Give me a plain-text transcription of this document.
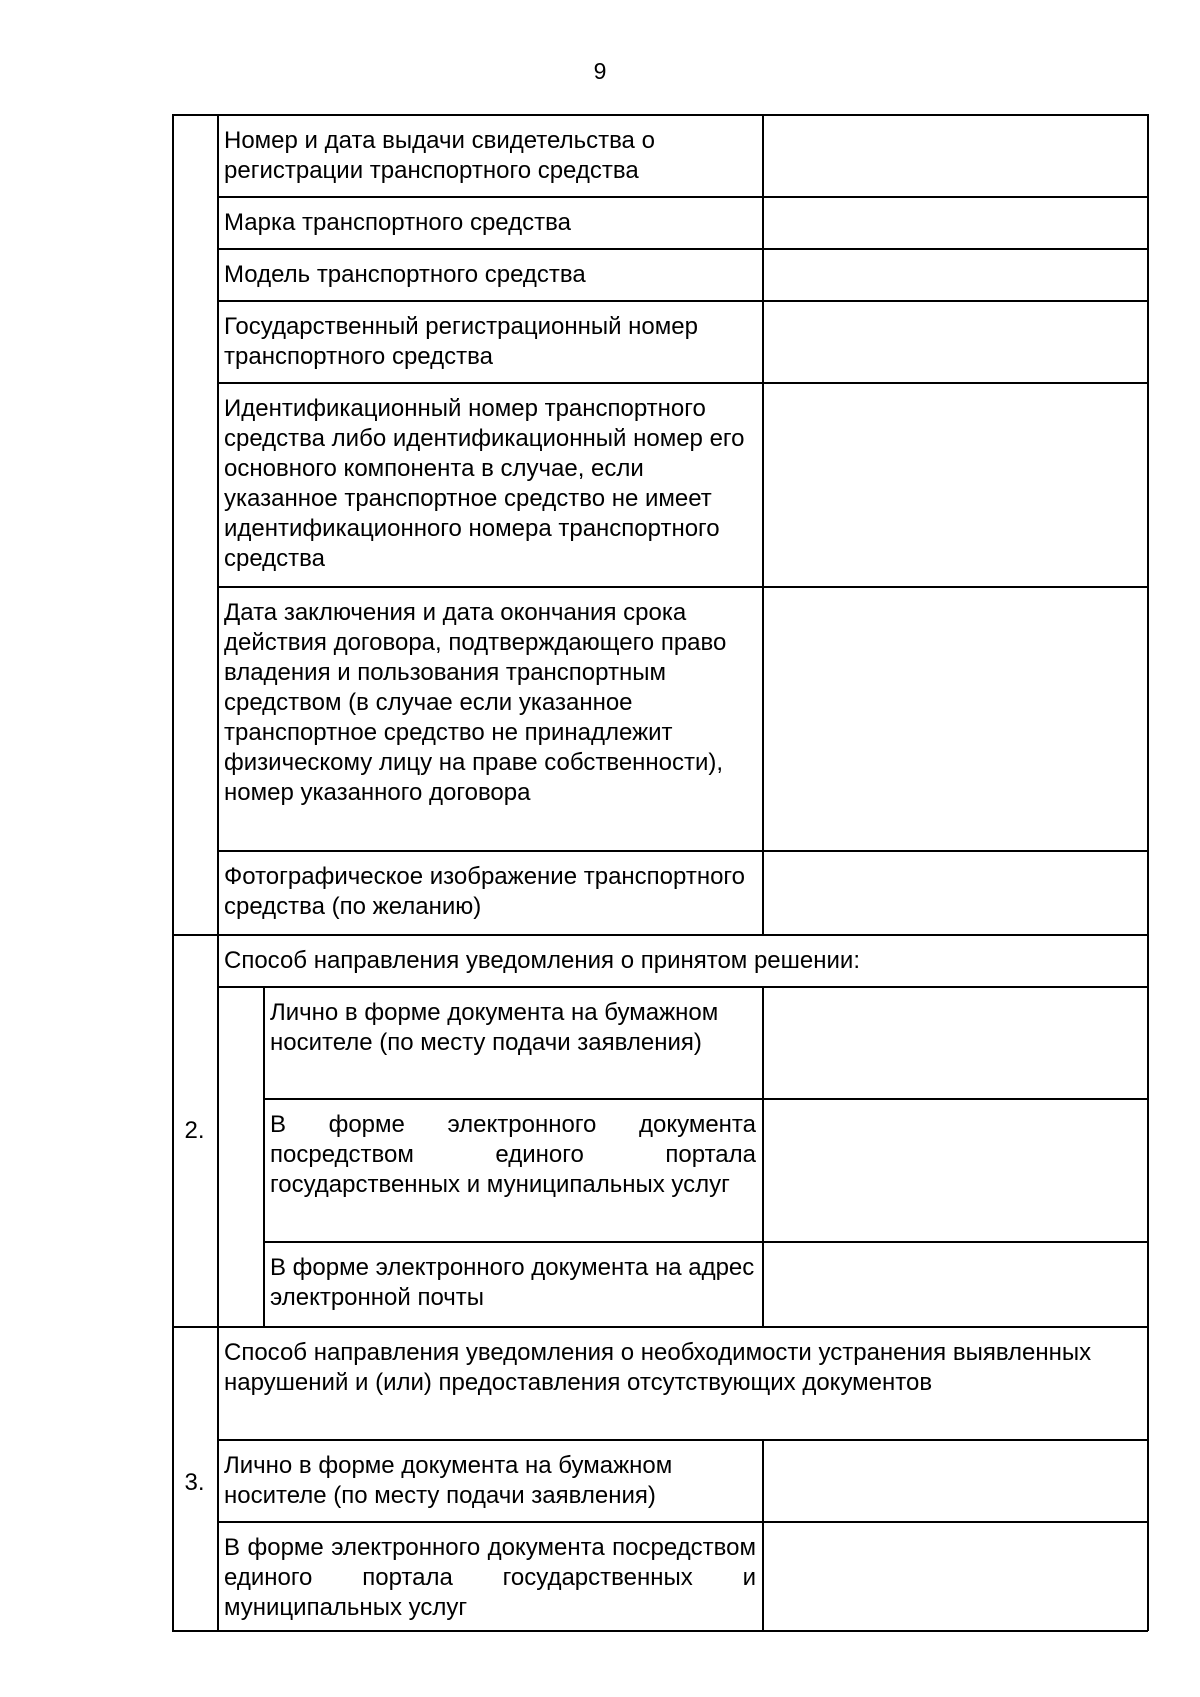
9
Номер и дата выдачи свидетельства о регистрации транспортного средства
Марка транспортного средства
Модель транспортного средства
Государственный регистрационный номер транспортного средства
Идентификационный номер транспортного средства либо идентификационный номер его основного компонента в случае, если указанное транспортное средство не имеет идентификационного номера транспортного средства
Дата заключения и дата окончания срока действия договора, подтверждающего право владения и пользования транспортным средством (в случае если указанное транспортное средство не принадлежит физическому лицу на праве собственности), номер указанного договора
Фотографическое изображение транспортного средства (по желанию)
2.
Способ направления уведомления о принятом решении:
Лично в форме документа на бумажном носителе (по месту подачи заявления)
В форме электронного документа посредством единого портала государственных и муниципальных услуг
В форме электронного документа на адрес электронной почты
3.
Способ направления уведомления о необходимости устранения выявленных нарушений и (или) предоставления отсутствующих документов
Лично в форме документа на бумажном носителе (по месту подачи заявления)
В форме электронного документа посредством единого портала государственных и муниципальных услуг
